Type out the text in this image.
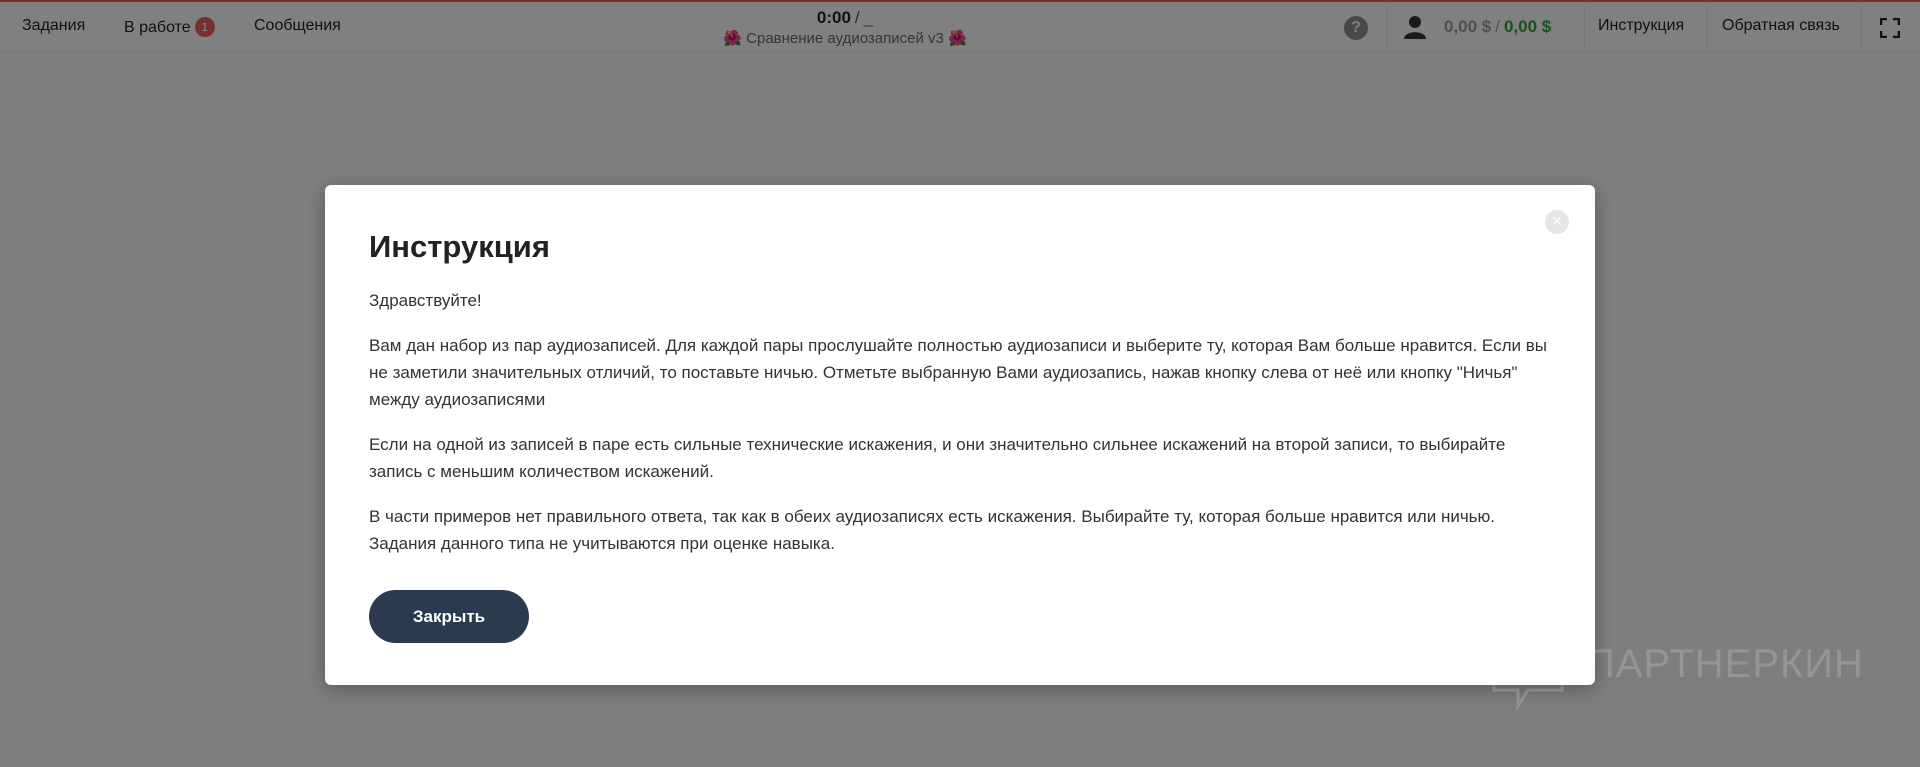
Задания В работе 1	Сообщения	0:00 / _
🌺 Сравнение аудиозаписей v3 🌺
?	0,00 $ / 0,00 $	Инструкция Обратная связь
×
Инструкция

Здравствуйте!

Вам дан набор из пар аудиозаписей. Для каждой пары прослушайте полностью аудиозаписи и выберите ту, которая Вам больше нравится. Если вы не заметили значительных отличий, то поставьте ничью. Отметьте выбранную Вами аудиозапись, нажав кнопку слева от неё или кнопку "Ничья" между аудиозаписями

Если на одной из записей в паре есть сильные технические искажения, и они значительно сильнее искажений на второй записи, то выбирайте запись с меньшим количеством искажений.

В части примеров нет правильного ответа, так как в обеих аудиозаписях есть искажения. Выбирайте ту, которая больше нравится или ничью. Задания данного типа не учитываются при оценке навыка.

Закрыть
ПАРТНЕРКИН
